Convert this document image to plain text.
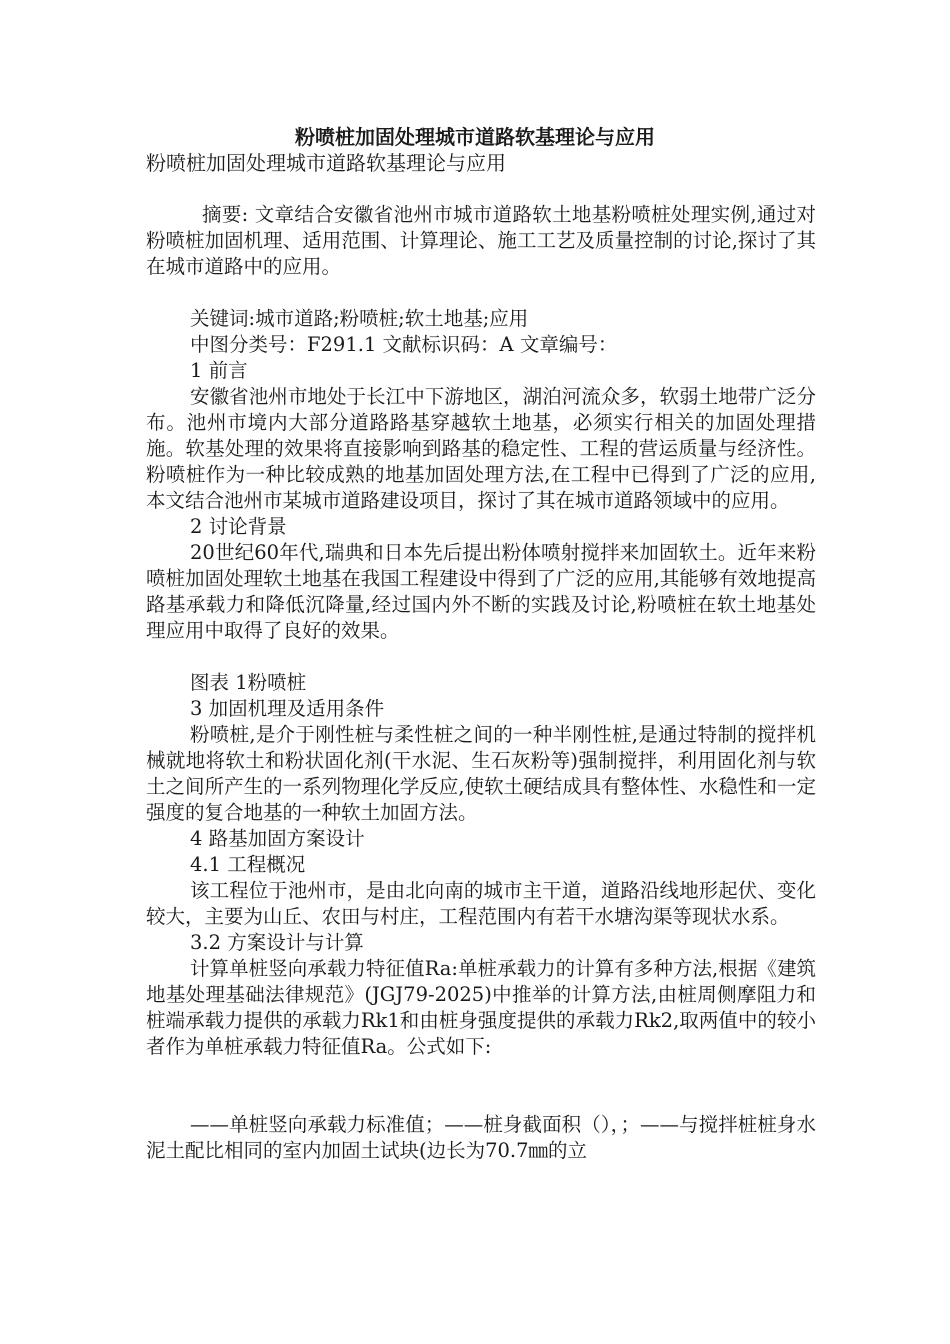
粉喷桩加固处理城市道路软基理论与应用
粉喷桩加固处理城市道路软基理论与应用

摘要: 文章结合安徽省池州市城市道路软土地基粉喷桩处理实例,通过对粉喷桩加固机理、适用范围、计算理论、施工工艺及质量控制的讨论,探讨了其在城市道路中的应用。

关键词:城市道路;粉喷桩;软土地基;应用

中图分类号：F291.1 文献标识码：A 文章编号：

1 前言

安徽省池州市地处于长江中下游地区，湖泊河流众多，软弱土地带广泛分布。池州市境内大部分道路路基穿越软土地基，必须实行相关的加固处理措施。软基处理的效果将直接影响到路基的稳定性、工程的营运质量与经济性。粉喷桩作为一种比较成熟的地基加固处理方法,在工程中已得到了广泛的应用,本文结合池州市某城市道路建设项目，探讨了其在城市道路领域中的应用。

2 讨论背景

20世纪60年代,瑞典和日本先后提出粉体喷射搅拌来加固软土。近年来粉喷桩加固处理软土地基在我国工程建设中得到了广泛的应用,其能够有效地提高路基承载力和降低沉降量,经过国内外不断的实践及讨论,粉喷桩在软土地基处理应用中取得了良好的效果。

图表 1粉喷桩

3 加固机理及适用条件

粉喷桩,是介于刚性桩与柔性桩之间的一种半刚性桩,是通过特制的搅拌机械就地将软土和粉状固化剂(干水泥、生石灰粉等)强制搅拌，利用固化剂与软土之间所产生的一系列物理化学反应,使软土硬结成具有整体性、水稳性和一定强度的复合地基的一种软土加固方法。

4 路基加固方案设计

4.1 工程概况

该工程位于池州市，是由北向南的城市主干道，道路沿线地形起伏、变化较大，主要为山丘、农田与村庄，工程范围内有若干水塘沟渠等现状水系。

3.2 方案设计与计算

计算单桩竖向承载力特征值Ra:单桩承载力的计算有多种方法,根据《建筑地基处理基础法律规范》(JGJ79-2025)中推举的计算方法,由桩周侧摩阻力和桩端承载力提供的承载力Rk1和由桩身强度提供的承载力Rk2,取两值中的较小者作为单桩承载力特征值Ra。公式如下:

——单桩竖向承载力标准值；——桩身截面积（），；——与搅拌桩桩身水泥土配比相同的室内加固土试块(边长为70.7㎜的立
